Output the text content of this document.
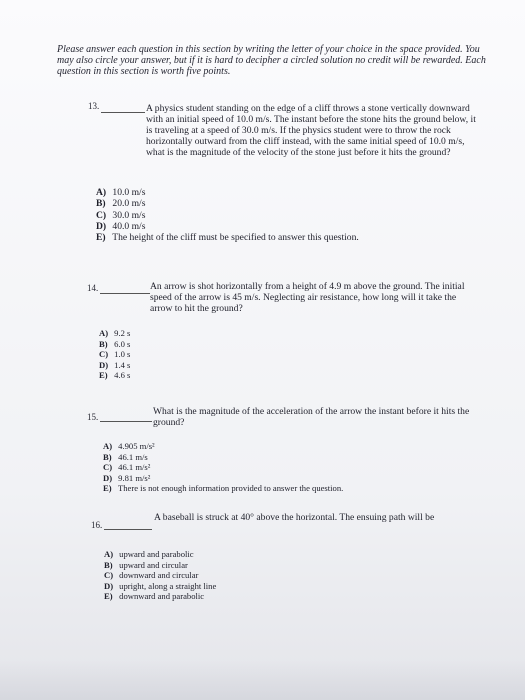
Please answer each question in this section by writing the letter of your choice in the space provided. You may also circle your answer, but if it is hard to decipher a circled solution no credit will be rewarded. Each question in this section is worth five points.
13.	A physics student standing on the edge of a cliff throws a stone vertically downward with an initial speed of 10.0 m/s. The instant before the stone hits the ground below, it is traveling at a speed of 30.0 m/s. If the physics student were to throw the rock horizontally outward from the cliff instead, with the same initial speed of 10.0 m/s, what is the magnitude of the velocity of the stone just before it hits the ground?
A) 10.0 m/s
B) 20.0 m/s
C) 30.0 m/s
D) 40.0 m/s
E) The height of the cliff must be specified to answer this question.
14.	An arrow is shot horizontally from a height of 4.9 m above the ground. The initial speed of the arrow is 45 m/s. Neglecting air resistance, how long will it take the arrow to hit the ground?
A) 9.2 s
B) 6.0 s
C) 1.0 s
D) 1.4 s
E) 4.6 s
15.	What is the magnitude of the acceleration of the arrow the instant before it hits the ground?
A) 4.905 m/s²
B) 46.1 m/s
C) 46.1 m/s²
D) 9.81 m/s²
E) There is not enough information provided to answer the question.
16.
A baseball is struck at 40° above the horizontal. The ensuing path will be
A) upward and parabolic
B) upward and circular
C) downward and circular
D) upright, along a straight line
E) downward and parabolic
